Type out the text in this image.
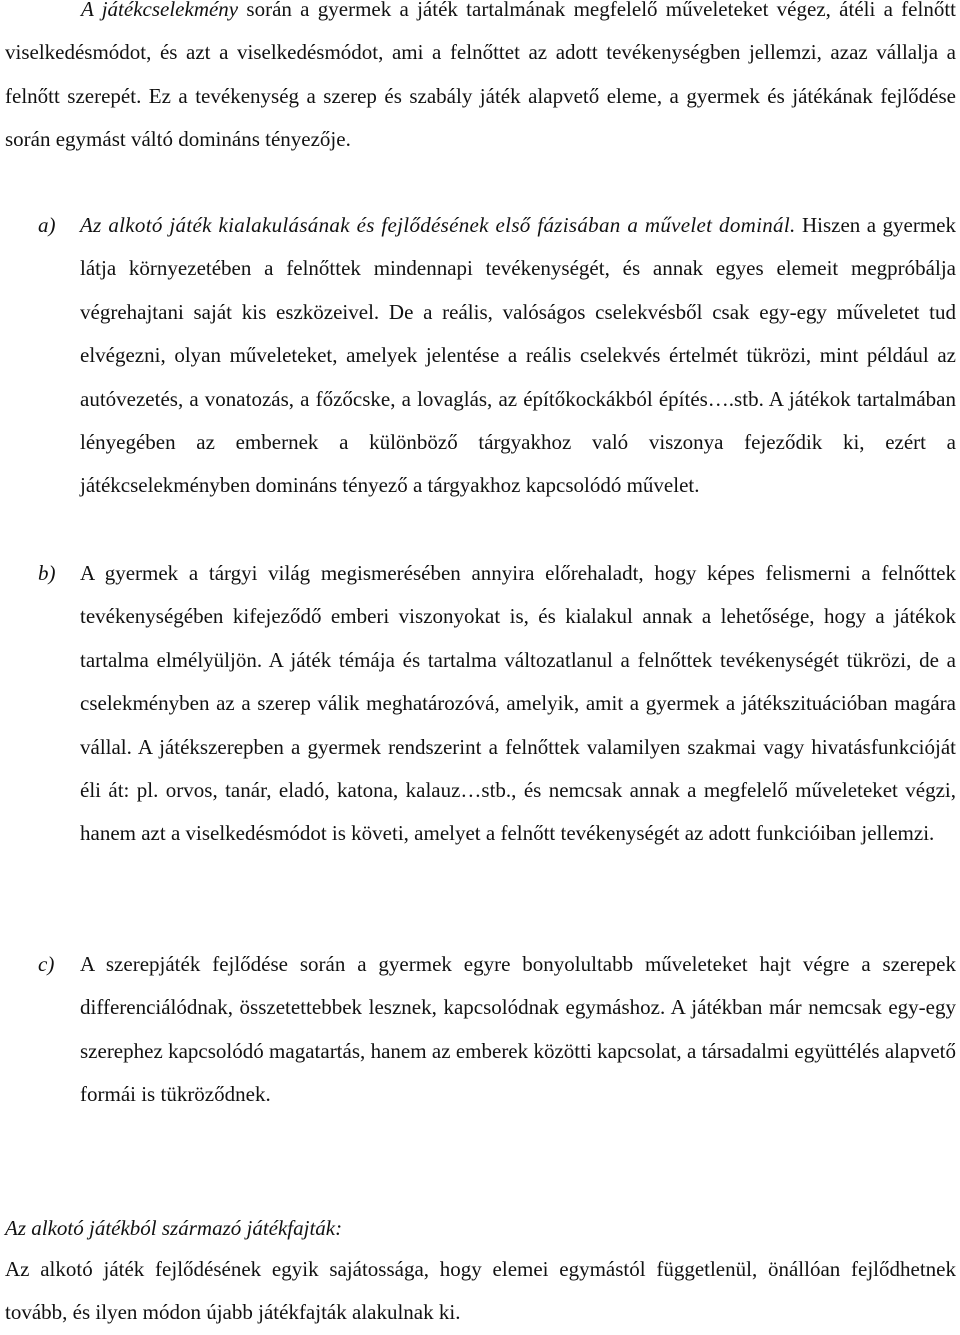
A játékcselekmény során a gyermek a játék tartalmának megfelelő műveleteket végez, átéli a felnőtt viselkedésmódot, és azt a viselkedésmódot, ami a felnőttet az adott tevékenységben jellemzi, azaz vállalja a felnőtt szerepét. Ez a tevékenység a szerep és szabály játék alapvető eleme, a gyermek és játékának fejlődése során egymást váltó domináns tényezője.

a) Az alkotó játék kialakulásának és fejlődésének első fázisában a művelet dominál. Hiszen a gyermek látja környezetében a felnőttek mindennapi tevékenységét, és annak egyes elemeit megpróbálja végrehajtani saját kis eszközeivel. De a reális, valóságos cselekvésből csak egy-egy műveletet tud elvégezni, olyan műveleteket, amelyek jelentése a reális cselekvés értelmét tükrözi, mint például az autóvezetés, a vonatozás, a főzőcske, a lovaglás, az építőkockákból építés….stb. A játékok tartalmában lényegében az embernek a különböző tárgyakhoz való viszonya fejeződik ki, ezért a játékcselekményben domináns tényező a tárgyakhoz kapcsolódó művelet.

b) A gyermek a tárgyi világ megismerésében annyira előrehaladt, hogy képes felismerni a felnőttek tevékenységében kifejeződő emberi viszonyokat is, és kialakul annak a lehetősége, hogy a játékok tartalma elmélyüljön. A játék témája és tartalma változatlanul a felnőttek tevékenységét tükrözi, de a cselekményben az a szerep válik meghatározóvá, amelyik, amit a gyermek a játékszituációban magára vállal. A játékszerepben a gyermek rendszerint a felnőttek valamilyen szakmai vagy hivatásfunkcióját éli át: pl. orvos, tanár, eladó, katona, kalauz…stb., és nemcsak annak a megfelelő műveleteket végzi, hanem azt a viselkedésmódot is követi, amelyet a felnőtt tevékenységét az adott funkcióiban jellemzi.

c) A szerepjáték fejlődése során a gyermek egyre bonyolultabb műveleteket hajt végre a szerepek differenciálódnak, összetettebbek lesznek, kapcsolódnak egymáshoz. A játékban már nemcsak egy-egy szerephez kapcsolódó magatartás, hanem az emberek közötti kapcsolat, a társadalmi együttélés alapvető formái is tükröződnek.

Az alkotó játékból származó játékfajták:

Az alkotó játék fejlődésének egyik sajátossága, hogy elemei egymástól függetlenül, önállóan fejlődhetnek tovább, és ilyen módon újabb játékfajták alakulnak ki.
